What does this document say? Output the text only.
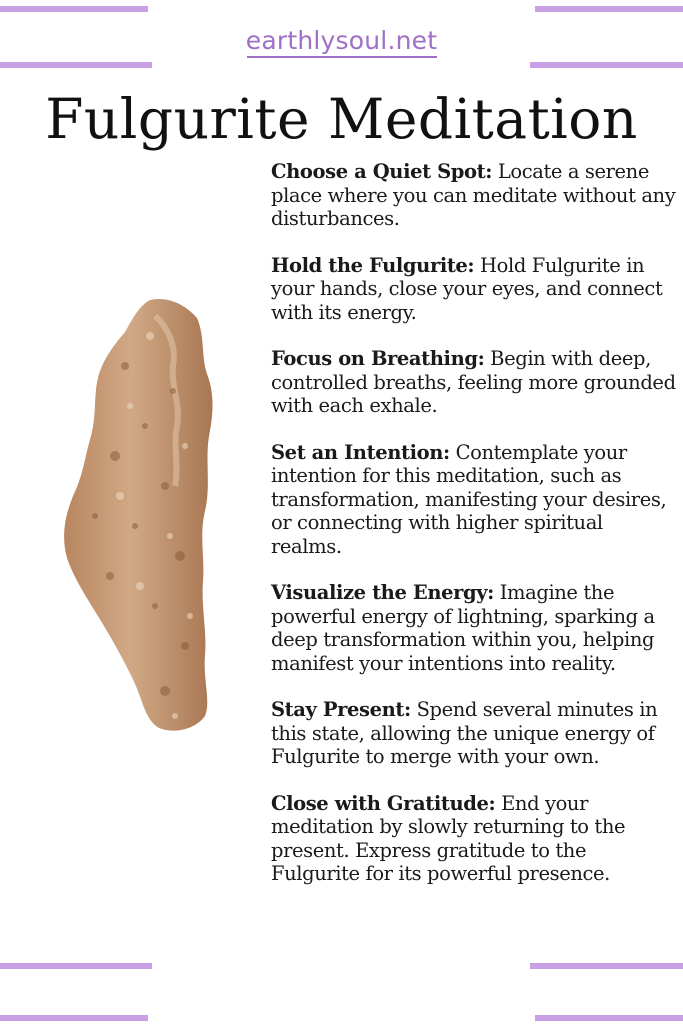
earthlysoul.net
Fulgurite Meditation
Choose a Quiet Spot: Locate a serene place where you can meditate without any disturbances.
Hold the Fulgurite: Hold Fulgurite in your hands, close your eyes, and connect with its energy.
Focus on Breathing: Begin with deep, controlled breaths, feeling more grounded with each exhale.
Set an Intention: Contemplate your intention for this meditation, such as transformation, manifesting your desires, or connecting with higher spiritual realms.
Visualize the Energy: Imagine the powerful energy of lightning, sparking a deep transformation within you, helping manifest your intentions into reality.
Stay Present: Spend several minutes in this state, allowing the unique energy of Fulgurite to merge with your own.
Close with Gratitude: End your meditation by slowly returning to the present. Express gratitude to the Fulgurite for its powerful presence.
